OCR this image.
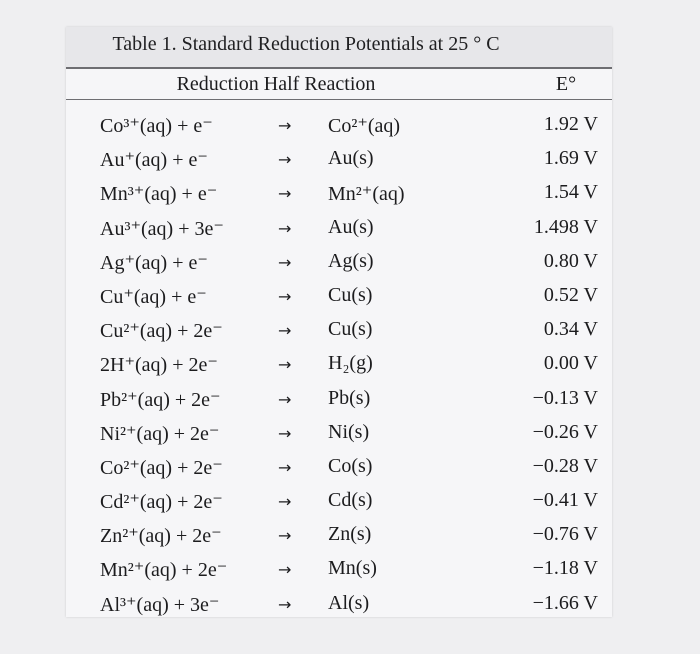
Table 1. Standard Reduction Potentials at 25 ° C
Reduction Half Reaction	E°
Co³⁺(aq) + e⁻	→ Co²⁺(aq)	1.92 V
Au⁺(aq) + e⁻	→ Au(s)	1.69 V
Mn³⁺(aq) + e⁻	→ Mn²⁺(aq)	1.54 V
Au³⁺(aq) + 3e⁻	→ Au(s)	1.498 V
Ag⁺(aq) + e⁻	→ Ag(s)	0.80 V
Cu⁺(aq) + e⁻	→ Cu(s)	0.52 V
Cu²⁺(aq) + 2e⁻	→ Cu(s)	0.34 V
2H⁺(aq) + 2e⁻	→ H₂(g)	0.00 V
Pb²⁺(aq) + 2e⁻	→ Pb(s)	−0.13 V
Ni²⁺(aq) + 2e⁻	→ Ni(s)	−0.26 V
Co²⁺(aq) + 2e⁻	→ Co(s)	−0.28 V
Cd²⁺(aq) + 2e⁻	→ Cd(s)	−0.41 V
Zn²⁺(aq) + 2e⁻	→ Zn(s)	−0.76 V
Mn²⁺(aq) + 2e⁻	→ Mn(s)	−1.18 V
Al³⁺(aq) + 3e⁻	→ Al(s)	−1.66 V
